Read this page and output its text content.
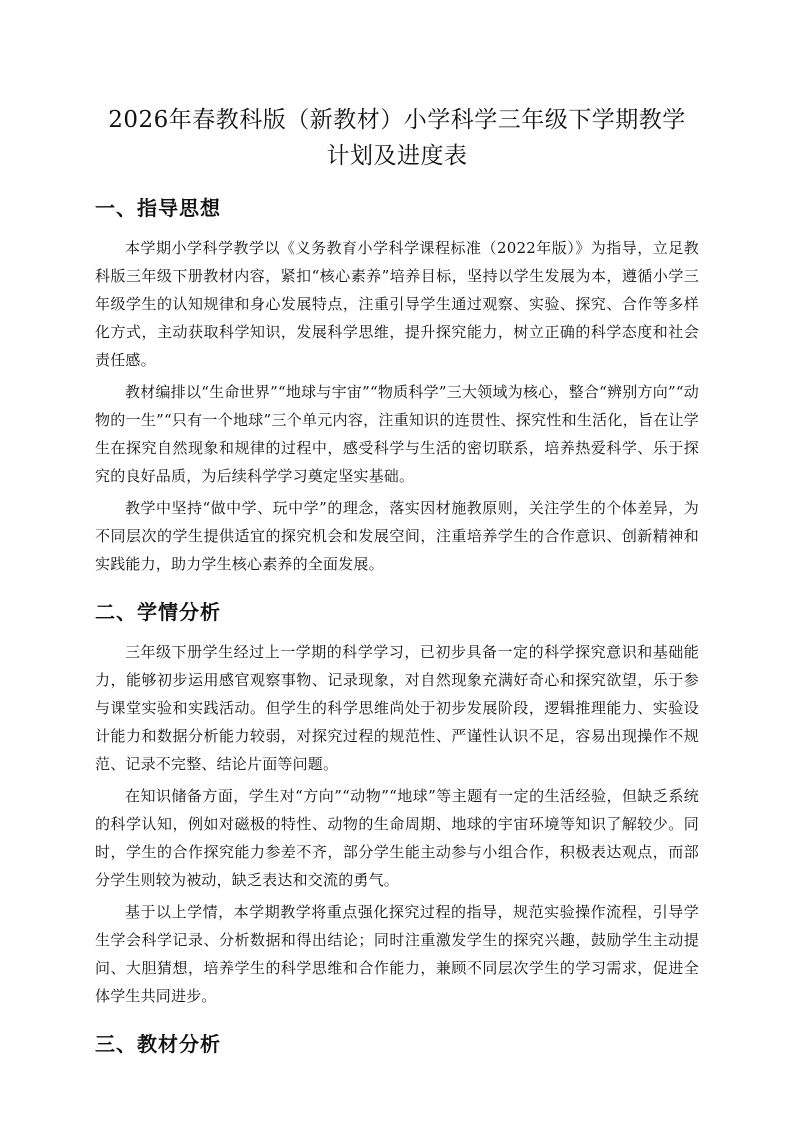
2026年春教科版（新教材）小学科学三年级下学期教学
计划及进度表
一、指导思想

本学期小学科学教学以《义务教育小学科学课程标准（2022年版）》为指导，立足教科版三年级下册教材内容，紧扣“核心素养”培养目标，坚持以学生发展为本，遵循小学三年级学生的认知规律和身心发展特点，注重引导学生通过观察、实验、探究、合作等多样化方式，主动获取科学知识，发展科学思维，提升探究能力，树立正确的科学态度和社会责任感。

教材编排以“生命世界”“地球与宇宙”“物质科学”三大领域为核心，整合“辨别方向”“动物的一生”“只有一个地球”三个单元内容，注重知识的连贯性、探究性和生活化，旨在让学生在探究自然现象和规律的过程中，感受科学与生活的密切联系，培养热爱科学、乐于探究的良好品质，为后续科学学习奠定坚实基础。

教学中坚持“做中学、玩中学”的理念，落实因材施教原则，关注学生的个体差异，为不同层次的学生提供适宜的探究机会和发展空间，注重培养学生的合作意识、创新精神和实践能力，助力学生核心素养的全面发展。

二、学情分析

三年级下册学生经过上一学期的科学学习，已初步具备一定的科学探究意识和基础能力，能够初步运用感官观察事物、记录现象，对自然现象充满好奇心和探究欲望，乐于参与课堂实验和实践活动。但学生的科学思维尚处于初步发展阶段，逻辑推理能力、实验设计能力和数据分析能力较弱，对探究过程的规范性、严谨性认识不足，容易出现操作不规范、记录不完整、结论片面等问题。

在知识储备方面，学生对“方向”“动物”“地球”等主题有一定的生活经验，但缺乏系统的科学认知，例如对磁极的特性、动物的生命周期、地球的宇宙环境等知识了解较少。同时，学生的合作探究能力参差不齐，部分学生能主动参与小组合作，积极表达观点，而部分学生则较为被动，缺乏表达和交流的勇气。

基于以上学情，本学期教学将重点强化探究过程的指导，规范实验操作流程，引导学生学会科学记录、分析数据和得出结论；同时注重激发学生的探究兴趣，鼓励学生主动提问、大胆猜想，培养学生的科学思维和合作能力，兼顾不同层次学生的学习需求，促进全体学生共同进步。

三、教材分析
